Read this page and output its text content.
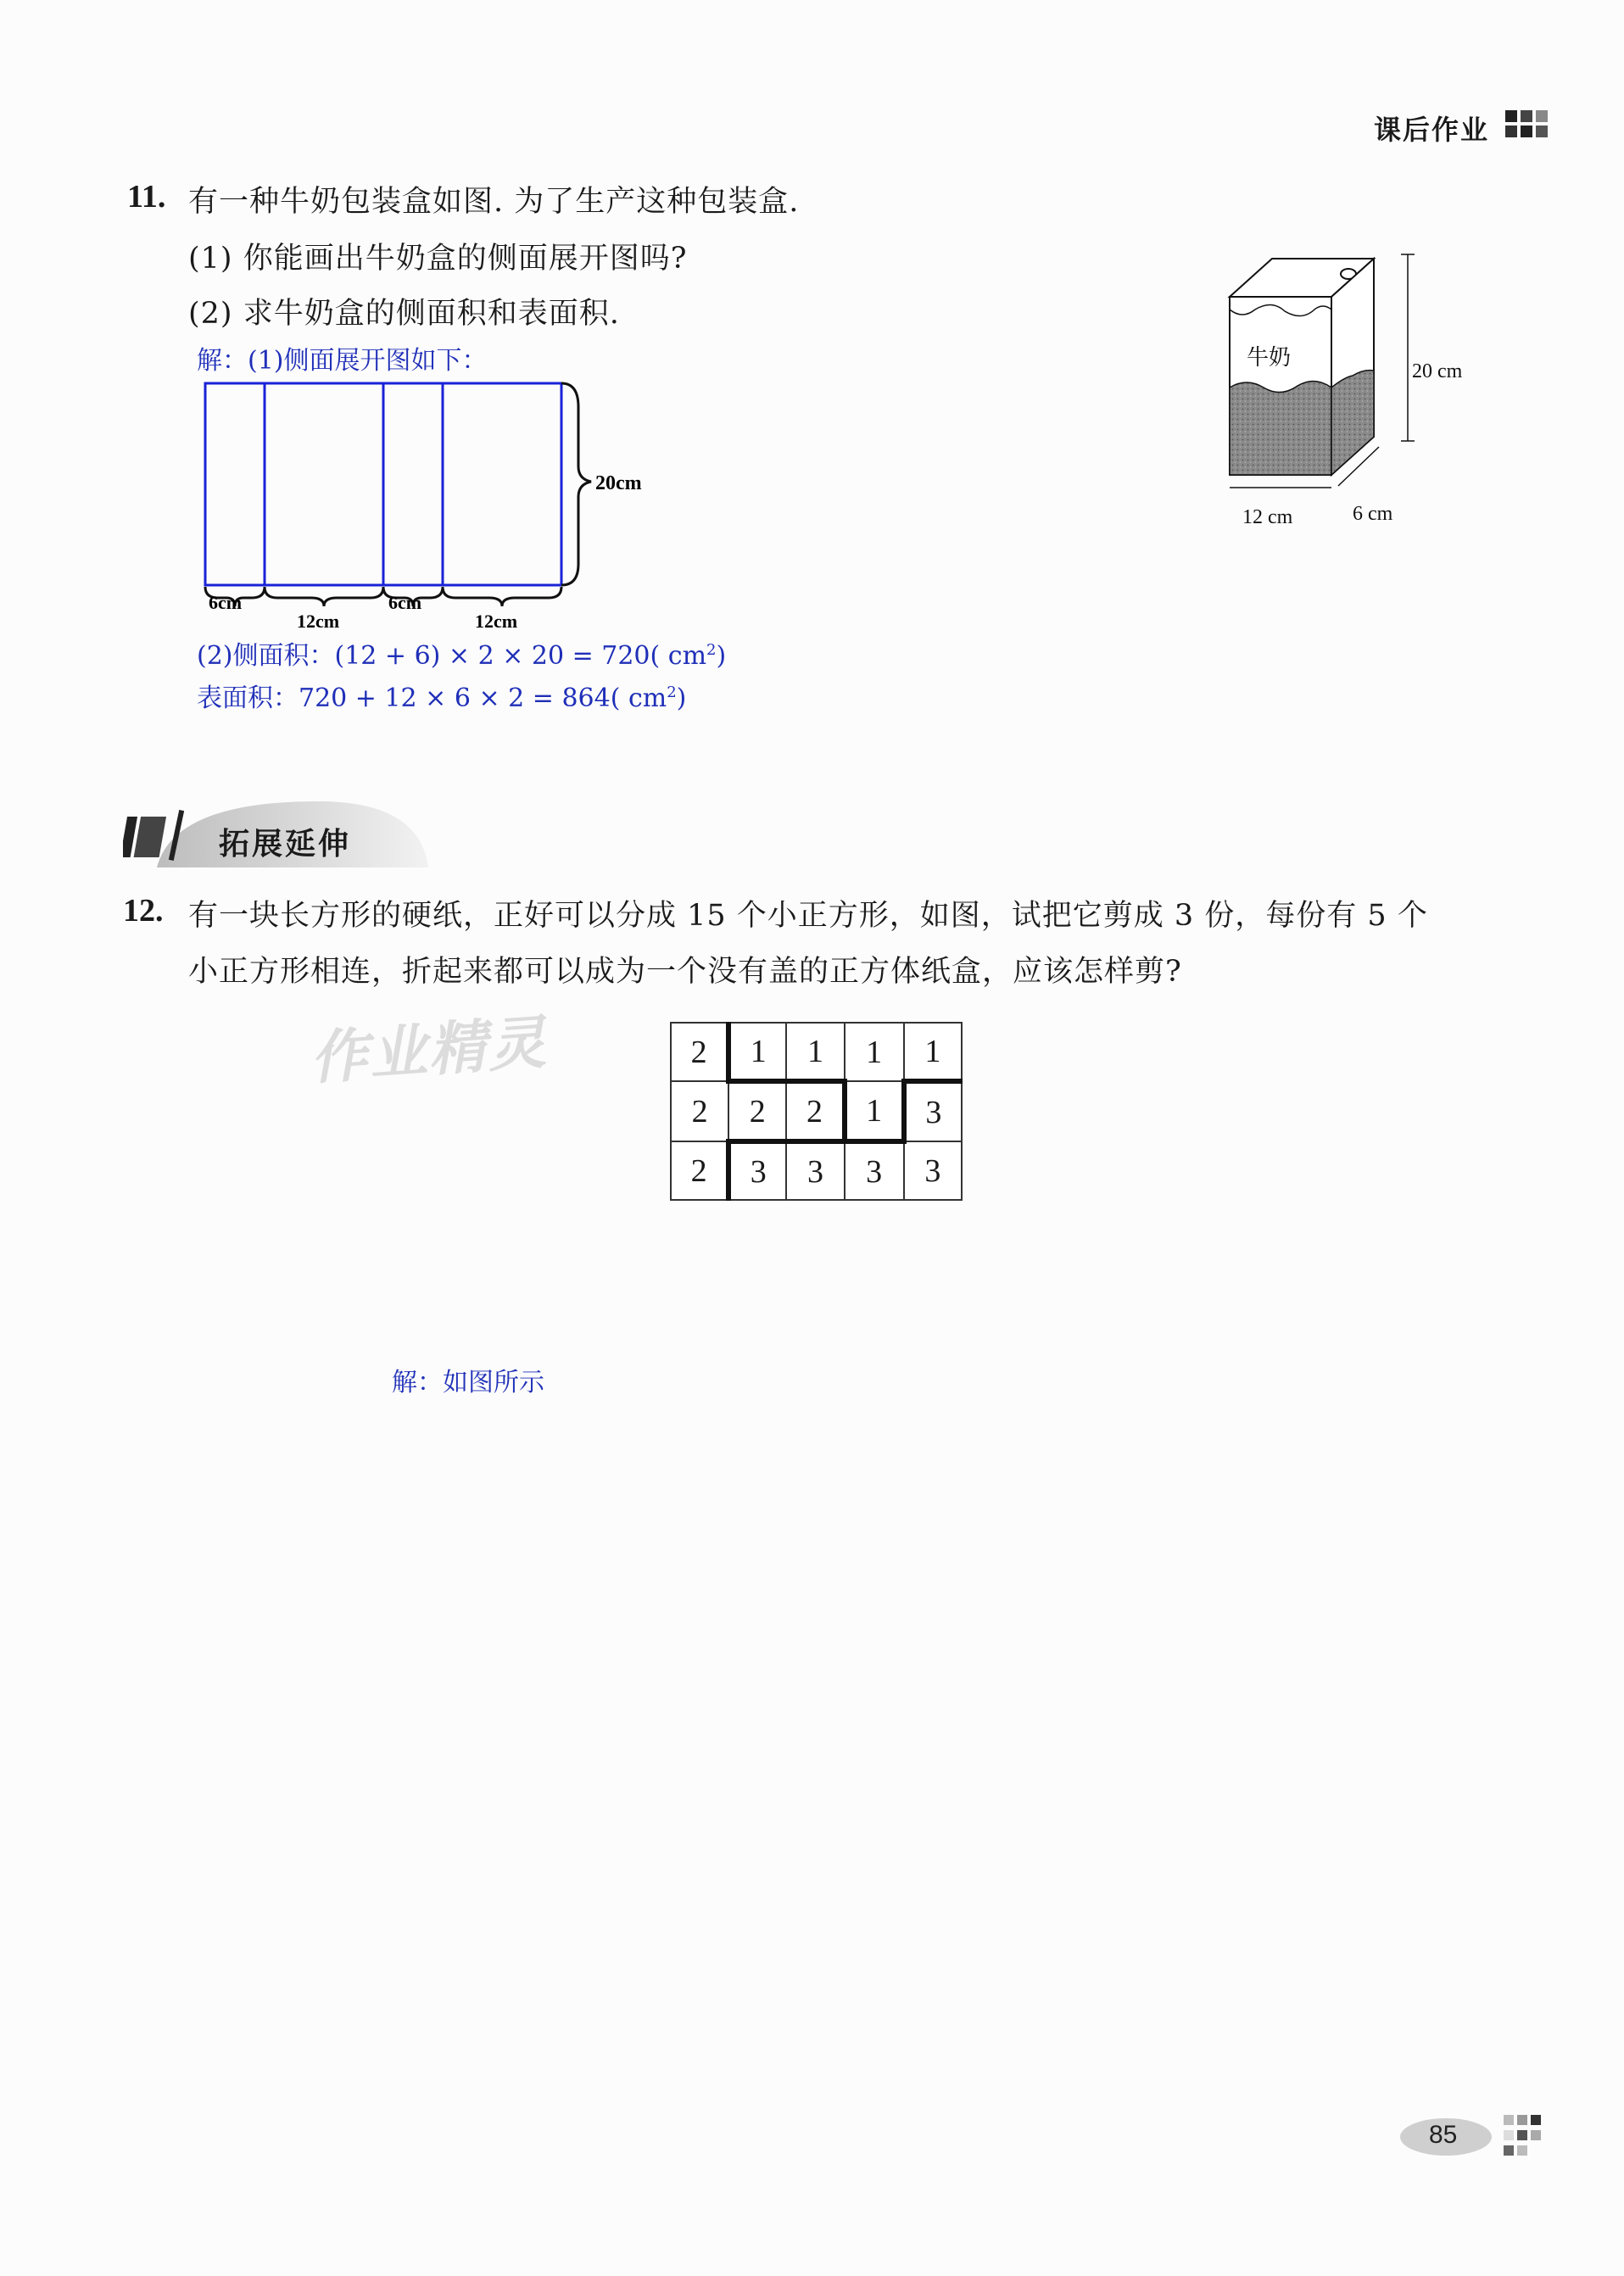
课后作业
11. 有一种牛奶包装盒如图. 为了生产这种包装盒.
(1) 你能画出牛奶盒的侧面展开图吗?
(2) 求牛奶盒的侧面积和表面积.
解：(1)侧面展开图如下：
20cm
6cm
12cm
6cm
12cm
(2)侧面积：(12 + 6) × 2 × 20 = 720( $cm^2$)
表面积：720 + 12 × 6 × 2 = 864( $cm^2$)
牛奶
20 cm
12 cm	6 cm
拓展延伸
12. 有一块长方形的硬纸，正好可以分成 15 个小正方形，如图，试把它剪成 3 份，每份有 5 个
小正方形相连，折起来都可以成为一个没有盖的正方体纸盒，应该怎样剪?
作业精灵	2	1	1	1	1
2	2	2	1	3
2	3	3	3	3
解：如图所示
85
